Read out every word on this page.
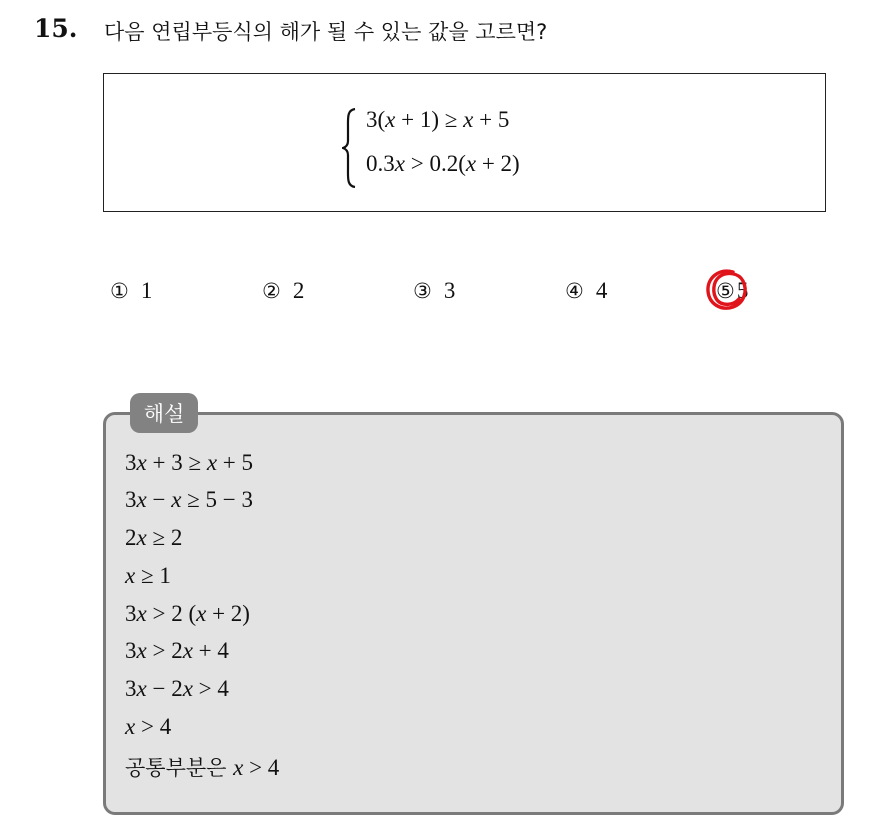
15. 다음 연립부등식의 해가 될 수 있는 값을 고르면?
3(x + 1) ≥ x + 5
0.3x > 0.2(x + 2)
① 1	② 2	③ 3	④ 4	⑤5
해설
3x + 3 ≥ x + 5
3x − x ≥ 5 − 3
2x ≥ 2
x ≥ 1
3x > 2 (x + 2)
3x > 2x + 4
3x − 2x > 4
x > 4
공통부분은 x > 4
